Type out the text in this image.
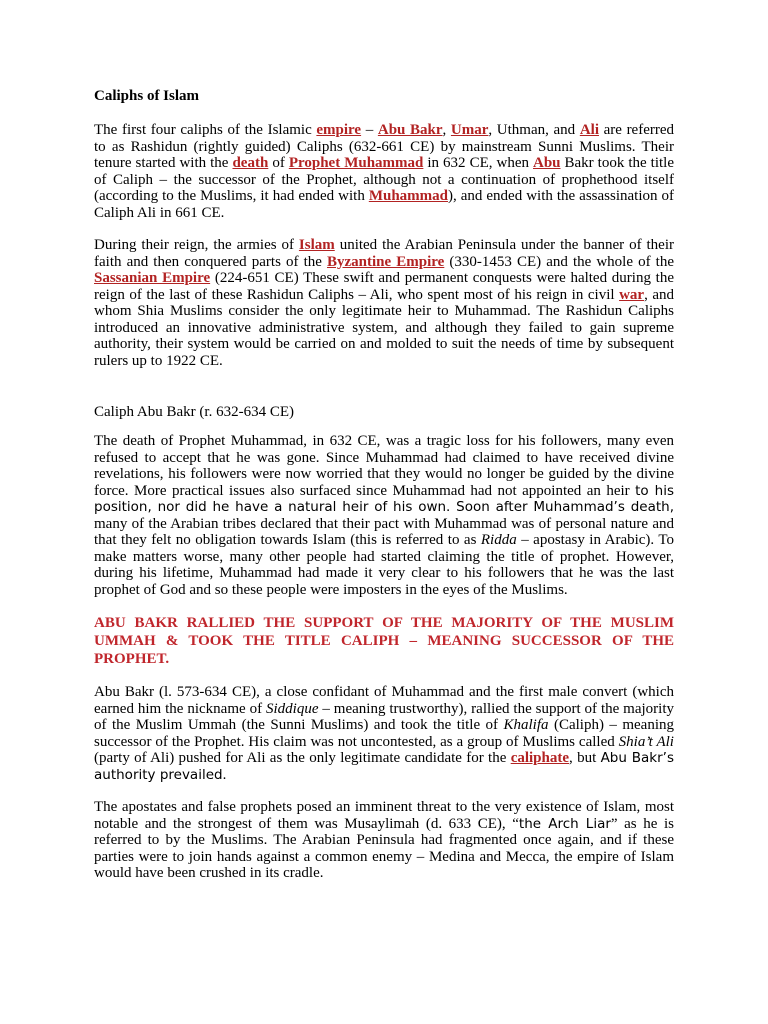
Caliphs of Islam

The first four caliphs of the Islamic empire – Abu Bakr, Umar, Uthman, and Ali are referred to as Rashidun (rightly guided) Caliphs (632-661 CE) by mainstream Sunni Muslims. Their tenure started with the death of Prophet Muhammad in 632 CE, when Abu Bakr took the title of Caliph – the successor of the Prophet, although not a continuation of prophethood itself (according to the Muslims, it had ended with Muhammad), and ended with the assassination of Caliph Ali in 661 CE.

During their reign, the armies of Islam united the Arabian Peninsula under the banner of their faith and then conquered parts of the Byzantine Empire (330-1453 CE) and the whole of the Sassanian Empire (224-651 CE) These swift and permanent conquests were halted during the reign of the last of these Rashidun Caliphs – Ali, who spent most of his reign in civil war, and whom Shia Muslims consider the only legitimate heir to Muhammad. The Rashidun Caliphs introduced an innovative administrative system, and although they failed to gain supreme authority, their system would be carried on and molded to suit the needs of time by subsequent rulers up to 1922 CE.

Caliph Abu Bakr (r. 632-634 CE)

The death of Prophet Muhammad, in 632 CE, was a tragic loss for his followers, many even refused to accept that he was gone. Since Muhammad had claimed to have received divine revelations, his followers were now worried that they would no longer be guided by the divine force. More practical issues also surfaced since Muhammad had not appointed an heir to his position, nor did he have a natural heir of his own. Soon after Muhammad’s death, many of the Arabian tribes declared that their pact with Muhammad was of personal nature and that they felt no obligation towards Islam (this is referred to as Ridda – apostasy in Arabic). To make matters worse, many other people had started claiming the title of prophet. However, during his lifetime, Muhammad had made it very clear to his followers that he was the last prophet of God and so these people were imposters in the eyes of the Muslims.

ABU BAKR RALLIED THE SUPPORT OF THE MAJORITY OF THE MUSLIM UMMAH & TOOK THE TITLE CALIPH – MEANING SUCCESSOR OF THE PROPHET.

Abu Bakr (l. 573-634 CE), a close confidant of Muhammad and the first male convert (which earned him the nickname of Siddique – meaning trustworthy), rallied the support of the majority of the Muslim Ummah (the Sunni Muslims) and took the title of Khalifa (Caliph) – meaning successor of the Prophet. His claim was not uncontested, as a group of Muslims called Shia’t Ali (party of Ali) pushed for Ali as the only legitimate candidate for the caliphate, but Abu Bakr’s authority prevailed.

The apostates and false prophets posed an imminent threat to the very existence of Islam, most notable and the strongest of them was Musaylimah (d. 633 CE), “the Arch Liar” as he is referred to by the Muslims. The Arabian Peninsula had fragmented once again, and if these parties were to join hands against a common enemy – Medina and Mecca, the empire of Islam would have been crushed in its cradle.
